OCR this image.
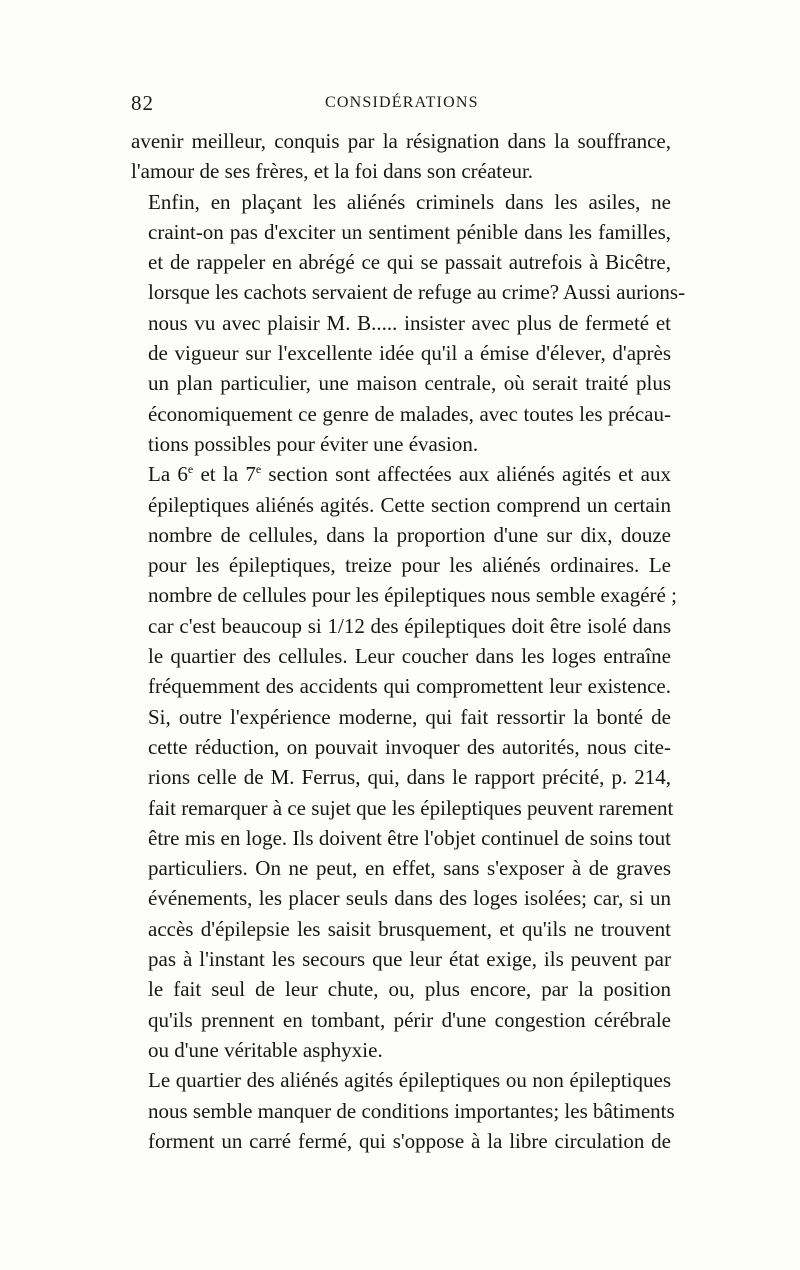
82	CONSIDÉRATIONS

avenir meilleur, conquis par la résignation dans la souffrance,
l'amour de ses frères, et la foi dans son créateur.

Enfin, en plaçant les aliénés criminels dans les asiles, ne
craint-on pas d'exciter un sentiment pénible dans les familles,
et de rappeler en abrégé ce qui se passait autrefois à Bicêtre,
lorsque les cachots servaient de refuge au crime? Aussi aurions-
nous vu avec plaisir M. B..... insister avec plus de fermeté et
de vigueur sur l'excellente idée qu'il a émise d'élever, d'après
un plan particulier, une maison centrale, où serait traité plus
économiquement ce genre de malades, avec toutes les précau-
tions possibles pour éviter une évasion.

La 6e et la 7e section sont affectées aux aliénés agités et aux
épileptiques aliénés agités. Cette section comprend un certain
nombre de cellules, dans la proportion d'une sur dix, douze
pour les épileptiques, treize pour les aliénés ordinaires. Le
nombre de cellules pour les épileptiques nous semble exagéré ;
car c'est beaucoup si 1/12 des épileptiques doit être isolé dans
le quartier des cellules. Leur coucher dans les loges entraîne
fréquemment des accidents qui compromettent leur existence.
Si, outre l'expérience moderne, qui fait ressortir la bonté de
cette réduction, on pouvait invoquer des autorités, nous cite-
rions celle de M. Ferrus, qui, dans le rapport précité, p. 214,
fait remarquer à ce sujet que les épileptiques peuvent rarement
être mis en loge. Ils doivent être l'objet continuel de soins tout
particuliers. On ne peut, en effet, sans s'exposer à de graves
événements, les placer seuls dans des loges isolées; car, si un
accès d'épilepsie les saisit brusquement, et qu'ils ne trouvent
pas à l'instant les secours que leur état exige, ils peuvent par
le fait seul de leur chute, ou, plus encore, par la position
qu'ils prennent en tombant, périr d'une congestion cérébrale
ou d'une véritable asphyxie.

Le quartier des aliénés agités épileptiques ou non épileptiques
nous semble manquer de conditions importantes; les bâtiments
forment un carré fermé, qui s'oppose à la libre circulation de
